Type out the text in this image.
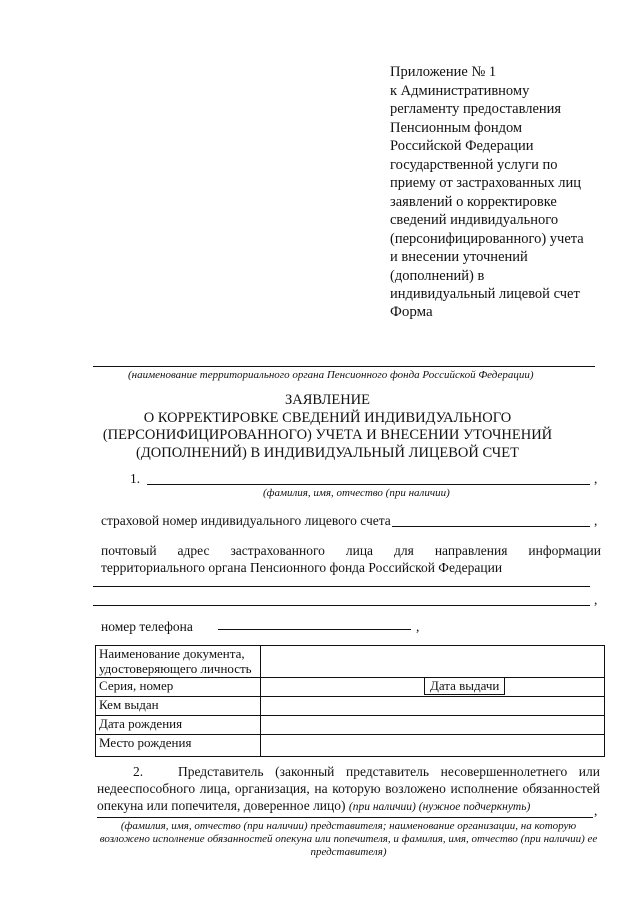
Приложение № 1
к Административному
регламенту предоставления
Пенсионным фондом
Российской Федерации
государственной услуги по
приему от застрахованных лиц
заявлений о корректировке
сведений индивидуального
(персонифицированного) учета
и внесении уточнений
(дополнений) в
индивидуальный лицевой счет
Форма
(наименование территориального органа Пенсионного фонда Российской Федерации)
ЗАЯВЛЕНИЕ
О КОРРЕКТИРОВКЕ СВЕДЕНИЙ ИНДИВИДУАЛЬНОГО
(ПЕРСОНИФИЦИРОВАННОГО) УЧЕТА И ВНЕСЕНИИ УТОЧНЕНИЙ
(ДОПОЛНЕНИЙ) В ИНДИВИДУАЛЬНЫЙ ЛИЦЕВОЙ СЧЕТ
1.	,
(фамилия, имя, отчество (при наличии)
страховой номер индивидуального лицевого счета	,
почтовый адрес застрахованного лица для направления информации территориального органа Пенсионного фонда Российской Федерации
,
номер телефона	,
Наименование документа, удостоверяющего личность	
Серия, номер	Дата выдачи

Кем выдан	
Дата рождения	
Место рождения	
2.	Представитель (законный представитель несовершеннолетнего или недееспособного лица, организация, на которую возложено исполнение обязанностей опекуна или попечителя, доверенное лицо) (при наличии) (нужное подчеркнуть)	,
(фамилия, имя, отчество (при наличии) представителя; наименование организации, на которую возложено исполнение обязанностей опекуна или попечителя, и фамилия, имя, отчество (при наличии) ее представителя)
